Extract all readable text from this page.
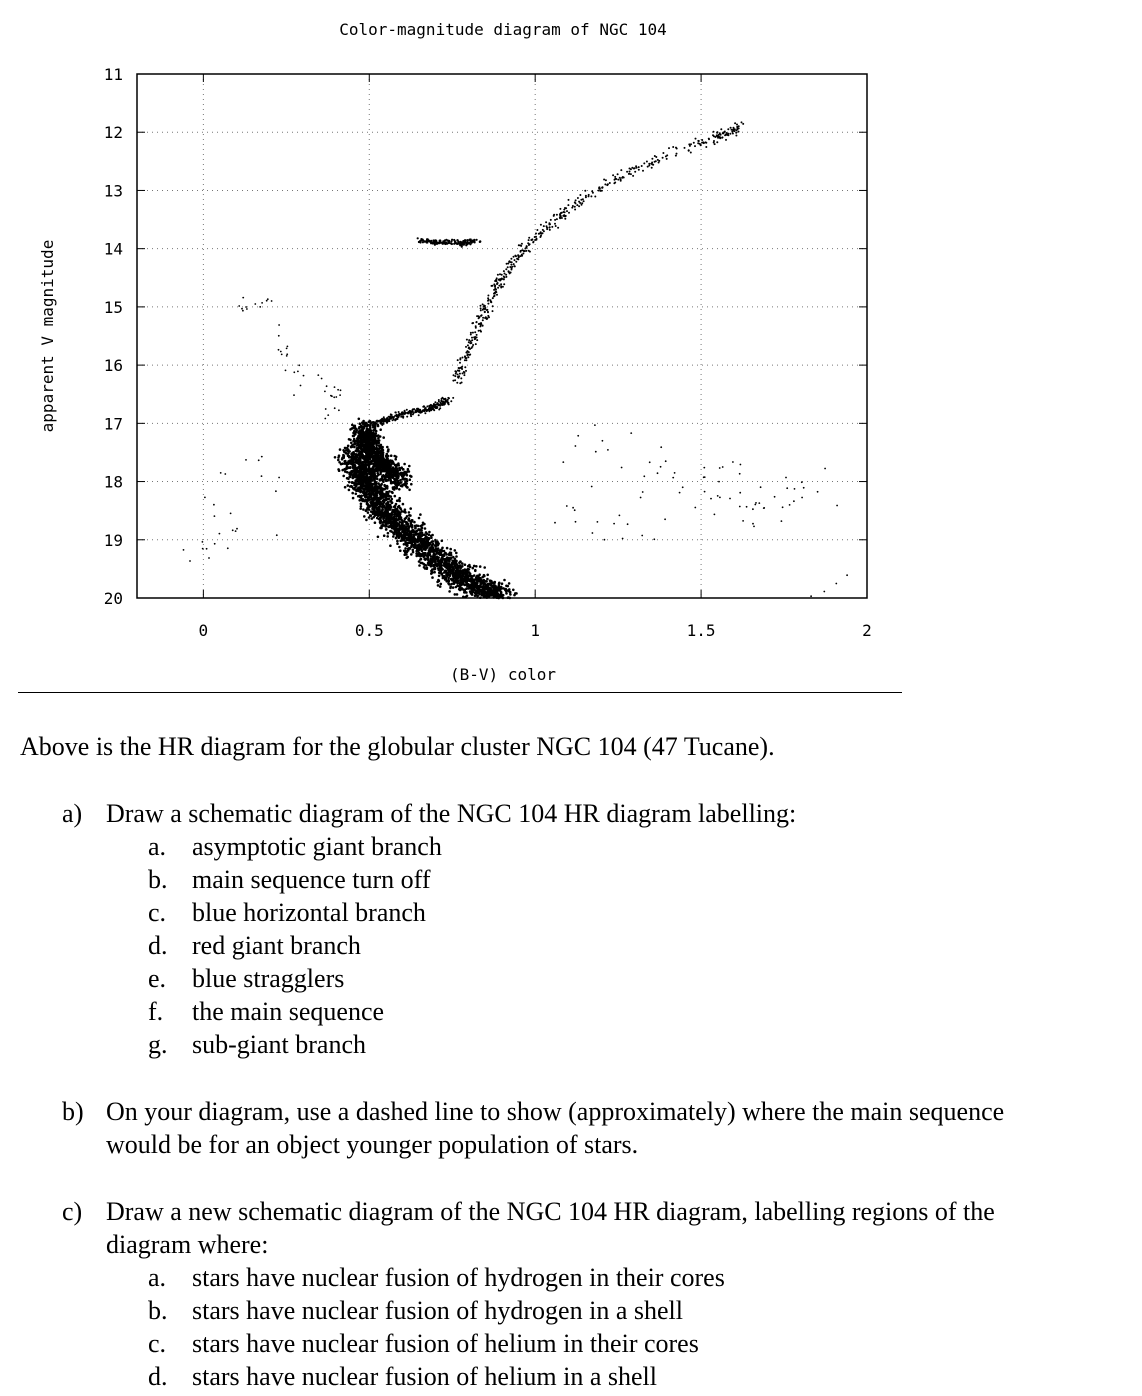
Color-magnitude diagram of NGC 104
11
12
13
14
15
16
17
18
19
20
0	0.5	1	1.5	2
(B-V) color
apparent V magnitude
Above is the HR diagram for the globular cluster NGC 104 (47 Tucane).
a) Draw a schematic diagram of the NGC 104 HR diagram labelling:
a. asymptotic giant branch
b. main sequence turn off
c. blue horizontal branch
d. red giant branch
e. blue stragglers
f.	the main sequence
g. sub-giant branch
b) On your diagram, use a dashed line to show (approximately) where the main sequence
would be for an object younger population of stars.
c) Draw a new schematic diagram of the NGC 104 HR diagram, labelling regions of the
diagram where:
a. stars have nuclear fusion of hydrogen in their cores
b. stars have nuclear fusion of hydrogen in a shell
c. stars have nuclear fusion of helium in their cores
d. stars have nuclear fusion of helium in a shell
